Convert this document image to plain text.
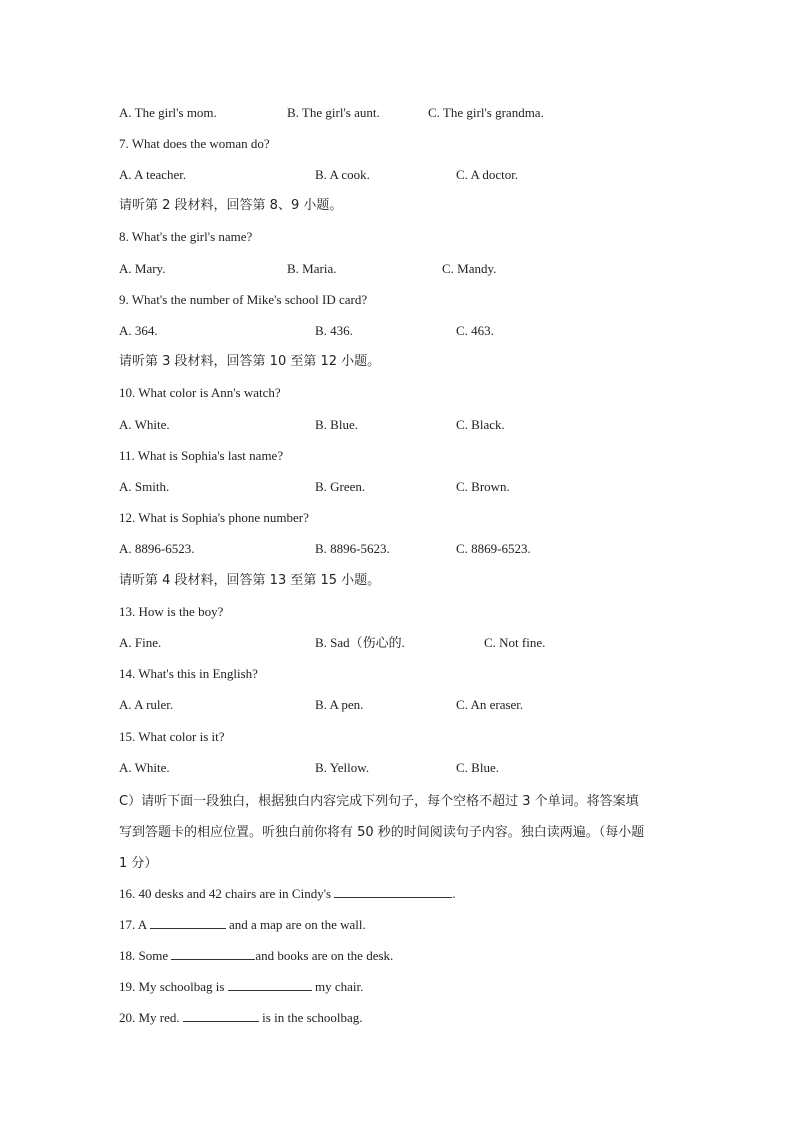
A. The girl's mom.	B. The girl's aunt.	C. The girl's grandma.
7. What does the woman do?
A. A teacher.	B. A cook.	C. A doctor.
请听第 2 段材料，回答第 8、9 小题。
8. What's the girl's name?
A. Mary.	B. Maria.	C. Mandy.
9. What's the number of Mike's school ID card?
A. 364.	B. 436.	C. 463.
请听第 3 段材料，回答第 10 至第 12 小题。
10. What color is Ann's watch?
A. White.	B. Blue.	C. Black.
11. What is Sophia's last name?
A. Smith.	B. Green.	C. Brown.
12. What is Sophia's phone number?
A. 8896-6523.	B. 8896-5623.	C. 8869-6523.
请听第 4 段材料，回答第 13 至第 15 小题。
13. How is the boy?
A. Fine.	B. Sad（伤心的.	C. Not fine.
14. What's this in English?
A. A ruler.	B. A pen.	C. An eraser.
15. What color is it?
A. White.	B. Yellow.	C. Blue.
C）请听下面一段独白，根据独白内容完成下列句子，每个空格不超过 3 个单词。将答案填
写到答题卡的相应位置。听独白前你将有 50 秒的时间阅读句子内容。独白读两遍。（每小题
1 分）
16. 40 desks and 42 chairs are in Cindy's	.
17. A	and a map are on the wall.
18. Some	and books are on the desk.
19. My schoolbag is	my chair.
20. My red.	is in the schoolbag.
